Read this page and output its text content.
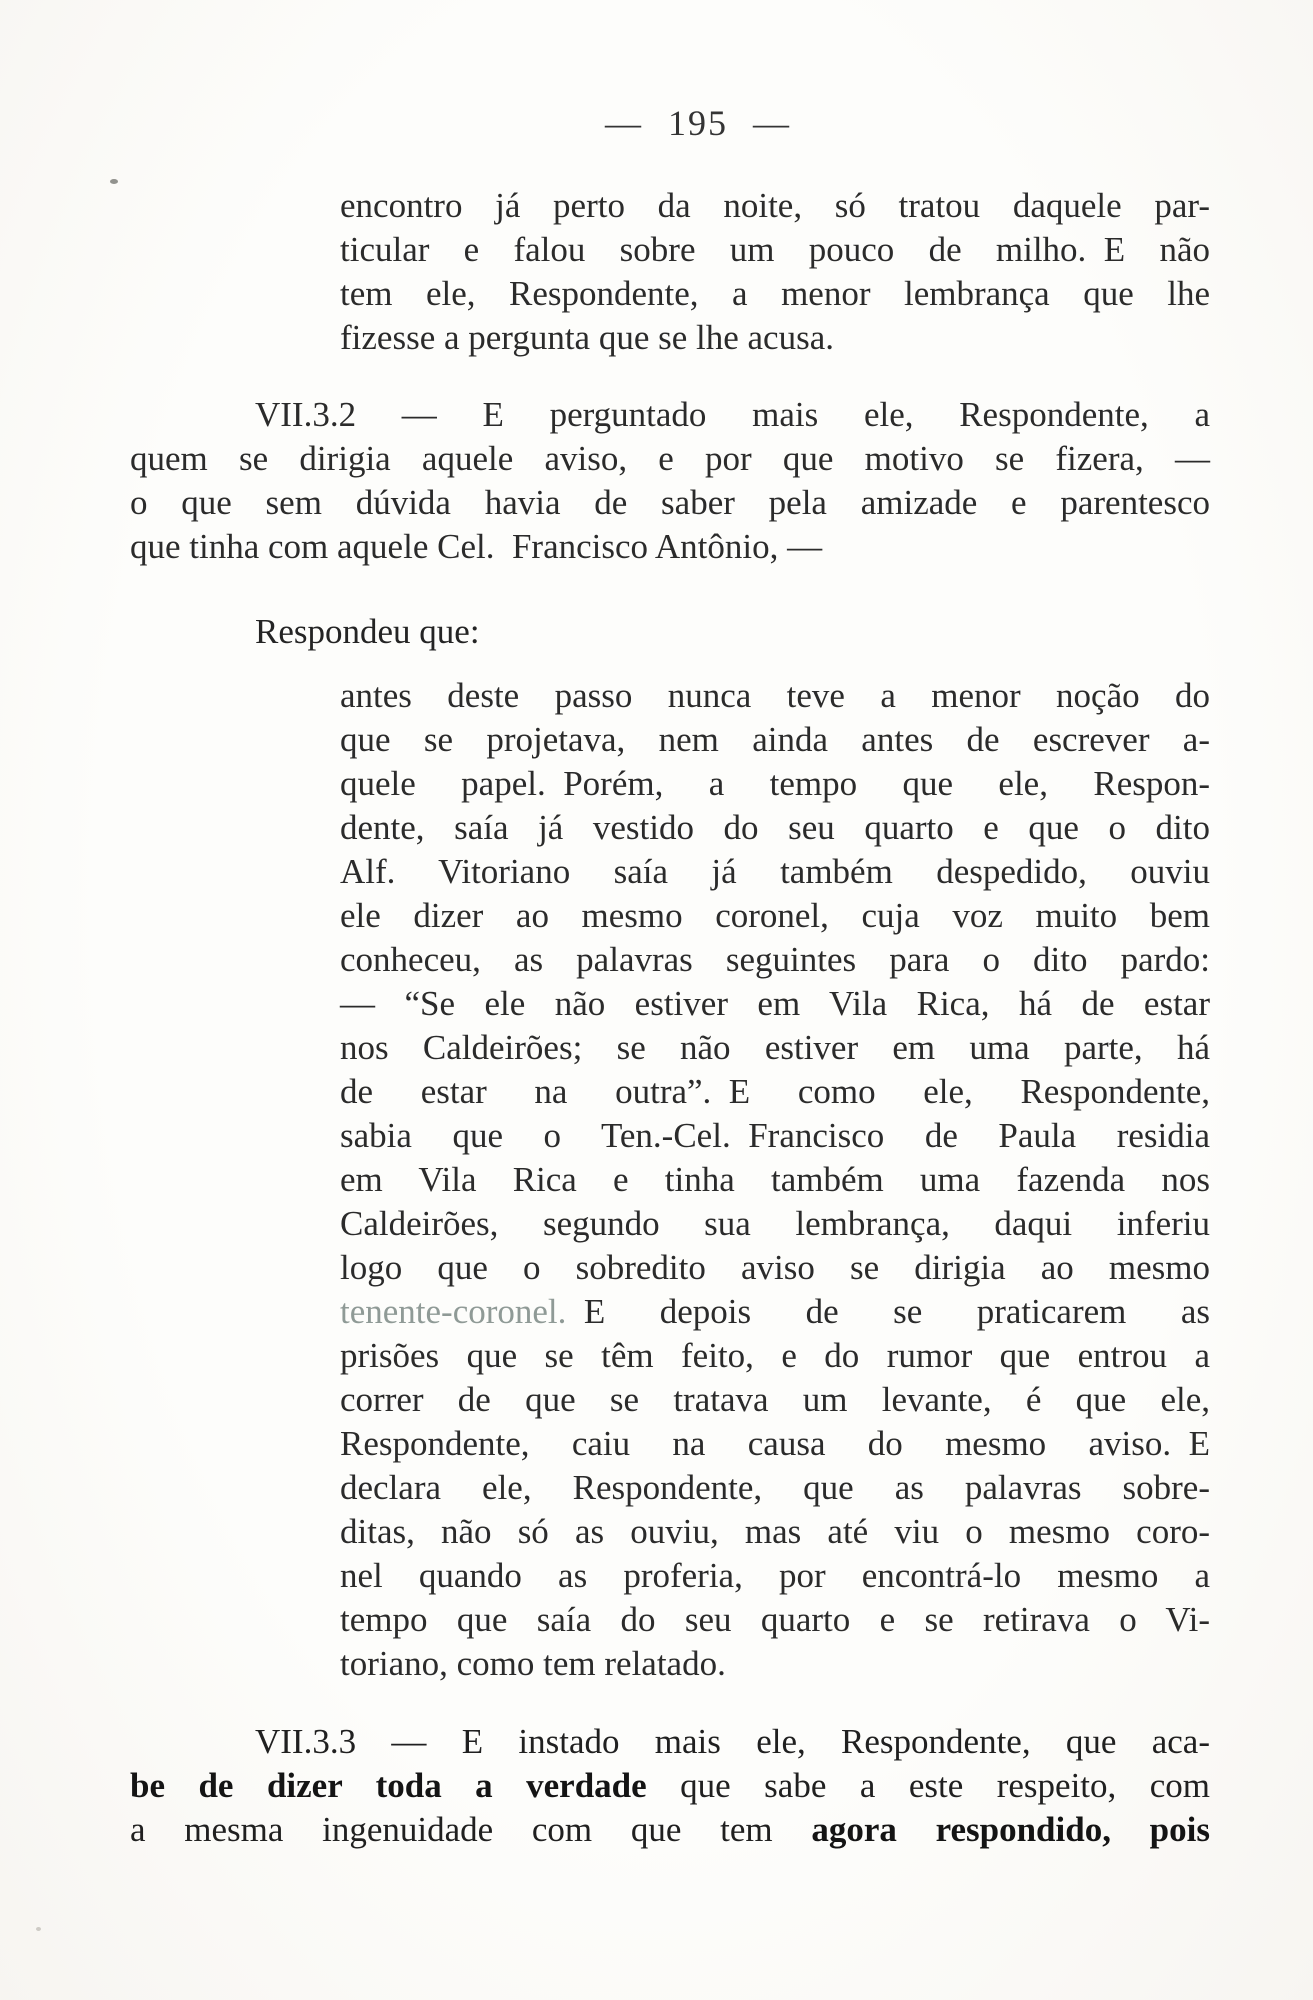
— 195 —
encontro já perto da noite, só tratou daquele par-
ticular e falou sobre um pouco de milho. E não
tem ele, Respondente, a menor lembrança que lhe
fizesse a pergunta que se lhe acusa.
VII.3.2 — E perguntado mais ele, Respondente, a
quem se dirigia aquele aviso, e por que motivo se fizera, —
o que sem dúvida havia de saber pela amizade e parentesco
que tinha com aquele Cel. Francisco Antônio, —
Respondeu que:
antes deste passo nunca teve a menor noção do
que se projetava, nem ainda antes de escrever a-
quele papel. Porém, a tempo que ele, Respon-
dente, saía já vestido do seu quarto e que o dito
Alf. Vitoriano saía já também despedido, ouviu
ele dizer ao mesmo coronel, cuja voz muito bem
conheceu, as palavras seguintes para o dito pardo:
— “Se ele não estiver em Vila Rica, há de estar
nos Caldeirões; se não estiver em uma parte, há
de estar na outra”. E como ele, Respondente,
sabia que o Ten.-Cel. Francisco de Paula residia
em Vila Rica e tinha também uma fazenda nos
Caldeirões, segundo sua lembrança, daqui inferiu
logo que o sobredito aviso se dirigia ao mesmo
tenente-coronel. E depois de se praticarem as
prisões que se têm feito, e do rumor que entrou a
correr de que se tratava um levante, é que ele,
Respondente, caiu na causa do mesmo aviso. E
declara ele, Respondente, que as palavras sobre-
ditas, não só as ouviu, mas até viu o mesmo coro-
nel quando as proferia, por encontrá-lo mesmo a
tempo que saía do seu quarto e se retirava o Vi-
toriano, como tem relatado.
VII.3.3 — E instado mais ele, Respondente, que aca-
be de dizer toda a verdade que sabe a este respeito, com
a mesma ingenuidade com que tem agora respondido, pois
